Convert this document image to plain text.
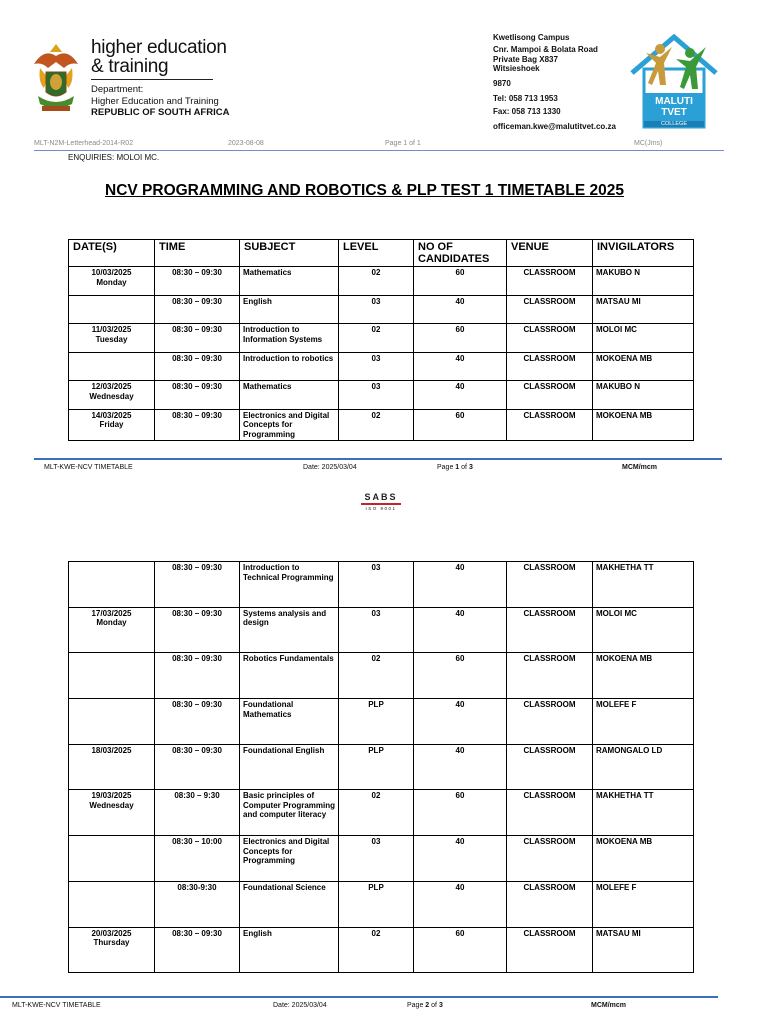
higher education
& training
Department:
Higher Education and Training
REPUBLIC OF SOUTH AFRICA
Kwetlisong Campus
Cnr. Mampoi & Bolata Road
Private Bag X837
Witsieshoek
9870
Tel: 058 713 1953
Fax: 058 713 1330
officeman.kwe@malutitvet.co.za
MALUTI TVET
COLLEGE
MLT-N2M-Letterhead-2014-R02	2023-08-08	Page 1 of 1	MC(Jms)
ENQUIRIES: MOLOI MC.
NCV PROGRAMMING AND ROBOTICS & PLP TEST 1 TIMETABLE 2025
DATE(S)	TIME	SUBJECT	LEVEL	NO OF CANDIDATES	VENUE	INVIGILATORS

10/03/2025
Monday	08:30 – 09:30	Mathematics	02	60	CLASSROOM	MAKUBO N

	08:30 – 09:30	English	03	40	CLASSROOM	MATSAU MI

11/03/2025
Tuesday	08:30 – 09:30	Introduction to Information Systems	02	60	CLASSROOM	MOLOI MC

	08:30 – 09:30	Introduction to robotics	03	40	CLASSROOM	MOKOENA MB

12/03/2025
Wednesday	08:30 – 09:30	Mathematics	03	40	CLASSROOM	MAKUBO N

14/03/2025
Friday	08:30 – 09:30	Electronics and Digital Concepts for Programming	02	60	CLASSROOM	MOKOENA MB
MLT-KWE-NCV TIMETABLE	Date: 2025/03/04	Page 1 of 3	MCM/mcm
SABS
ISO 9001

	08:30 – 09:30	Introduction to Technical Programming	03	40	CLASSROOM	MAKHETHA TT

17/03/2025
Monday	08:30 – 09:30	Systems analysis and design	03	40	CLASSROOM	MOLOI MC

	08:30 – 09:30	Robotics Fundamentals	02	60	CLASSROOM	MOKOENA MB

	08:30 – 09:30	Foundational Mathematics	PLP	40	CLASSROOM	MOLEFE F

18/03/2025	08:30 – 09:30	Foundational English	PLP	40	CLASSROOM	RAMONGALO LD

19/03/2025
Wednesday	08:30 – 9:30	Basic principles of Computer Programming and computer literacy	02	60	CLASSROOM	MAKHETHA TT

	08:30 – 10:00	Electronics and Digital Concepts for Programming	03	40	CLASSROOM	MOKOENA MB

	08:30-9:30	Foundational Science	PLP	40	CLASSROOM	MOLEFE F

20/03/2025
Thursday	08:30 – 09:30	English	02	60	CLASSROOM	MATSAU MI
MLT-KWE-NCV TIMETABLE	Date: 2025/03/04	Page 2 of 3	MCM/mcm
